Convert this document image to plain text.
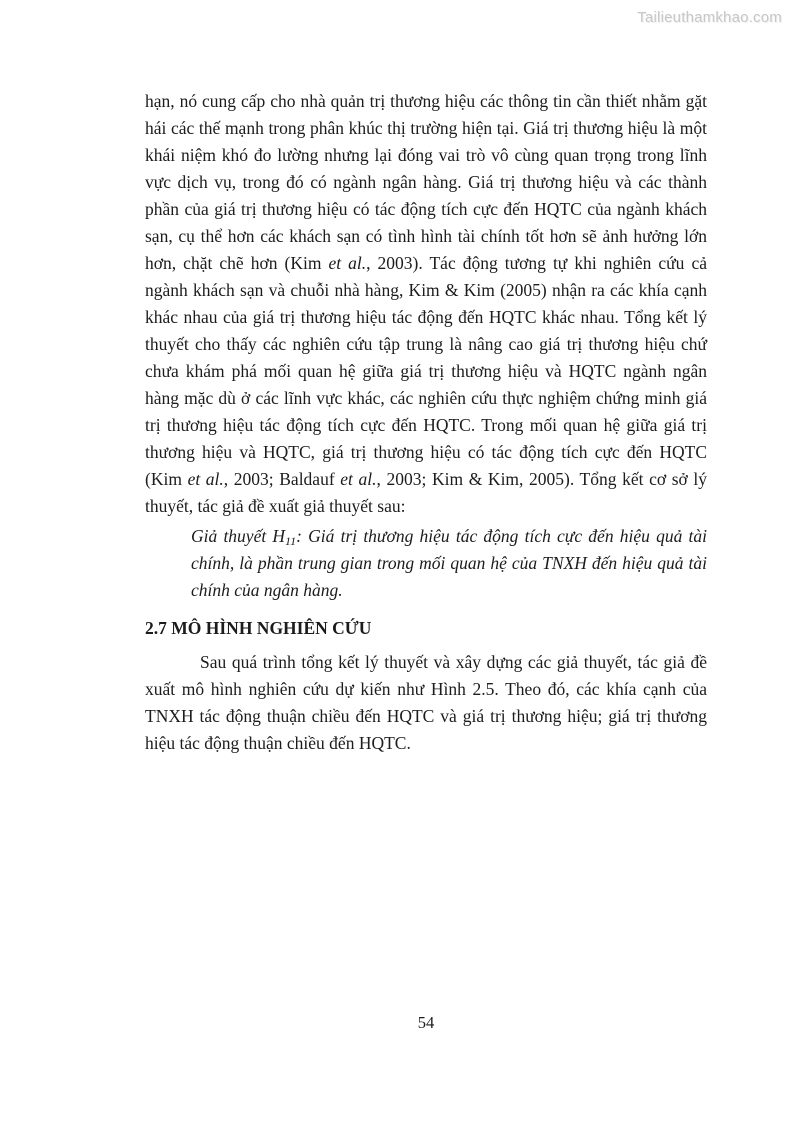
Tailieuthamkhao.com

hạn, nó cung cấp cho nhà quản trị thương hiệu các thông tin cần thiết nhằm gặt hái các thế mạnh trong phân khúc thị trường hiện tại. Giá trị thương hiệu là một khái niệm khó đo lường nhưng lại đóng vai trò vô cùng quan trọng trong lĩnh vực dịch vụ, trong đó có ngành ngân hàng. Giá trị thương hiệu và các thành phần của giá trị thương hiệu có tác động tích cực đến HQTC của ngành khách sạn, cụ thể hơn các khách sạn có tình hình tài chính tốt hơn sẽ ảnh hưởng lớn hơn, chặt chẽ hơn (Kim et al., 2003). Tác động tương tự khi nghiên cứu cả ngành khách sạn và chuỗi nhà hàng, Kim & Kim (2005) nhận ra các khía cạnh khác nhau của giá trị thương hiệu tác động đến HQTC khác nhau. Tổng kết lý thuyết cho thấy các nghiên cứu tập trung là nâng cao giá trị thương hiệu chứ chưa khám phá mối quan hệ giữa giá trị thương hiệu và HQTC ngành ngân hàng mặc dù ở các lĩnh vực khác, các nghiên cứu thực nghiệm chứng minh giá trị thương hiệu tác động tích cực đến HQTC. Trong mối quan hệ giữa giá trị thương hiệu và HQTC, giá trị thương hiệu có tác động tích cực đến HQTC (Kim et al., 2003; Baldauf et al., 2003; Kim & Kim, 2005). Tổng kết cơ sở lý thuyết, tác giả đề xuất giả thuyết sau:

Giả thuyết $H_{11}$: Giá trị thương hiệu tác động tích cực đến hiệu quả tài chính, là phần trung gian trong mối quan hệ của TNXH đến hiệu quả tài chính của ngân hàng.

2.7 MÔ HÌNH NGHIÊN CỨU

Sau quá trình tổng kết lý thuyết và xây dựng các giả thuyết, tác giả đề xuất mô hình nghiên cứu dự kiến như Hình 2.5. Theo đó, các khía cạnh của TNXH tác động thuận chiều đến HQTC và giá trị thương hiệu; giá trị thương hiệu tác động thuận chiều đến HQTC.

54
